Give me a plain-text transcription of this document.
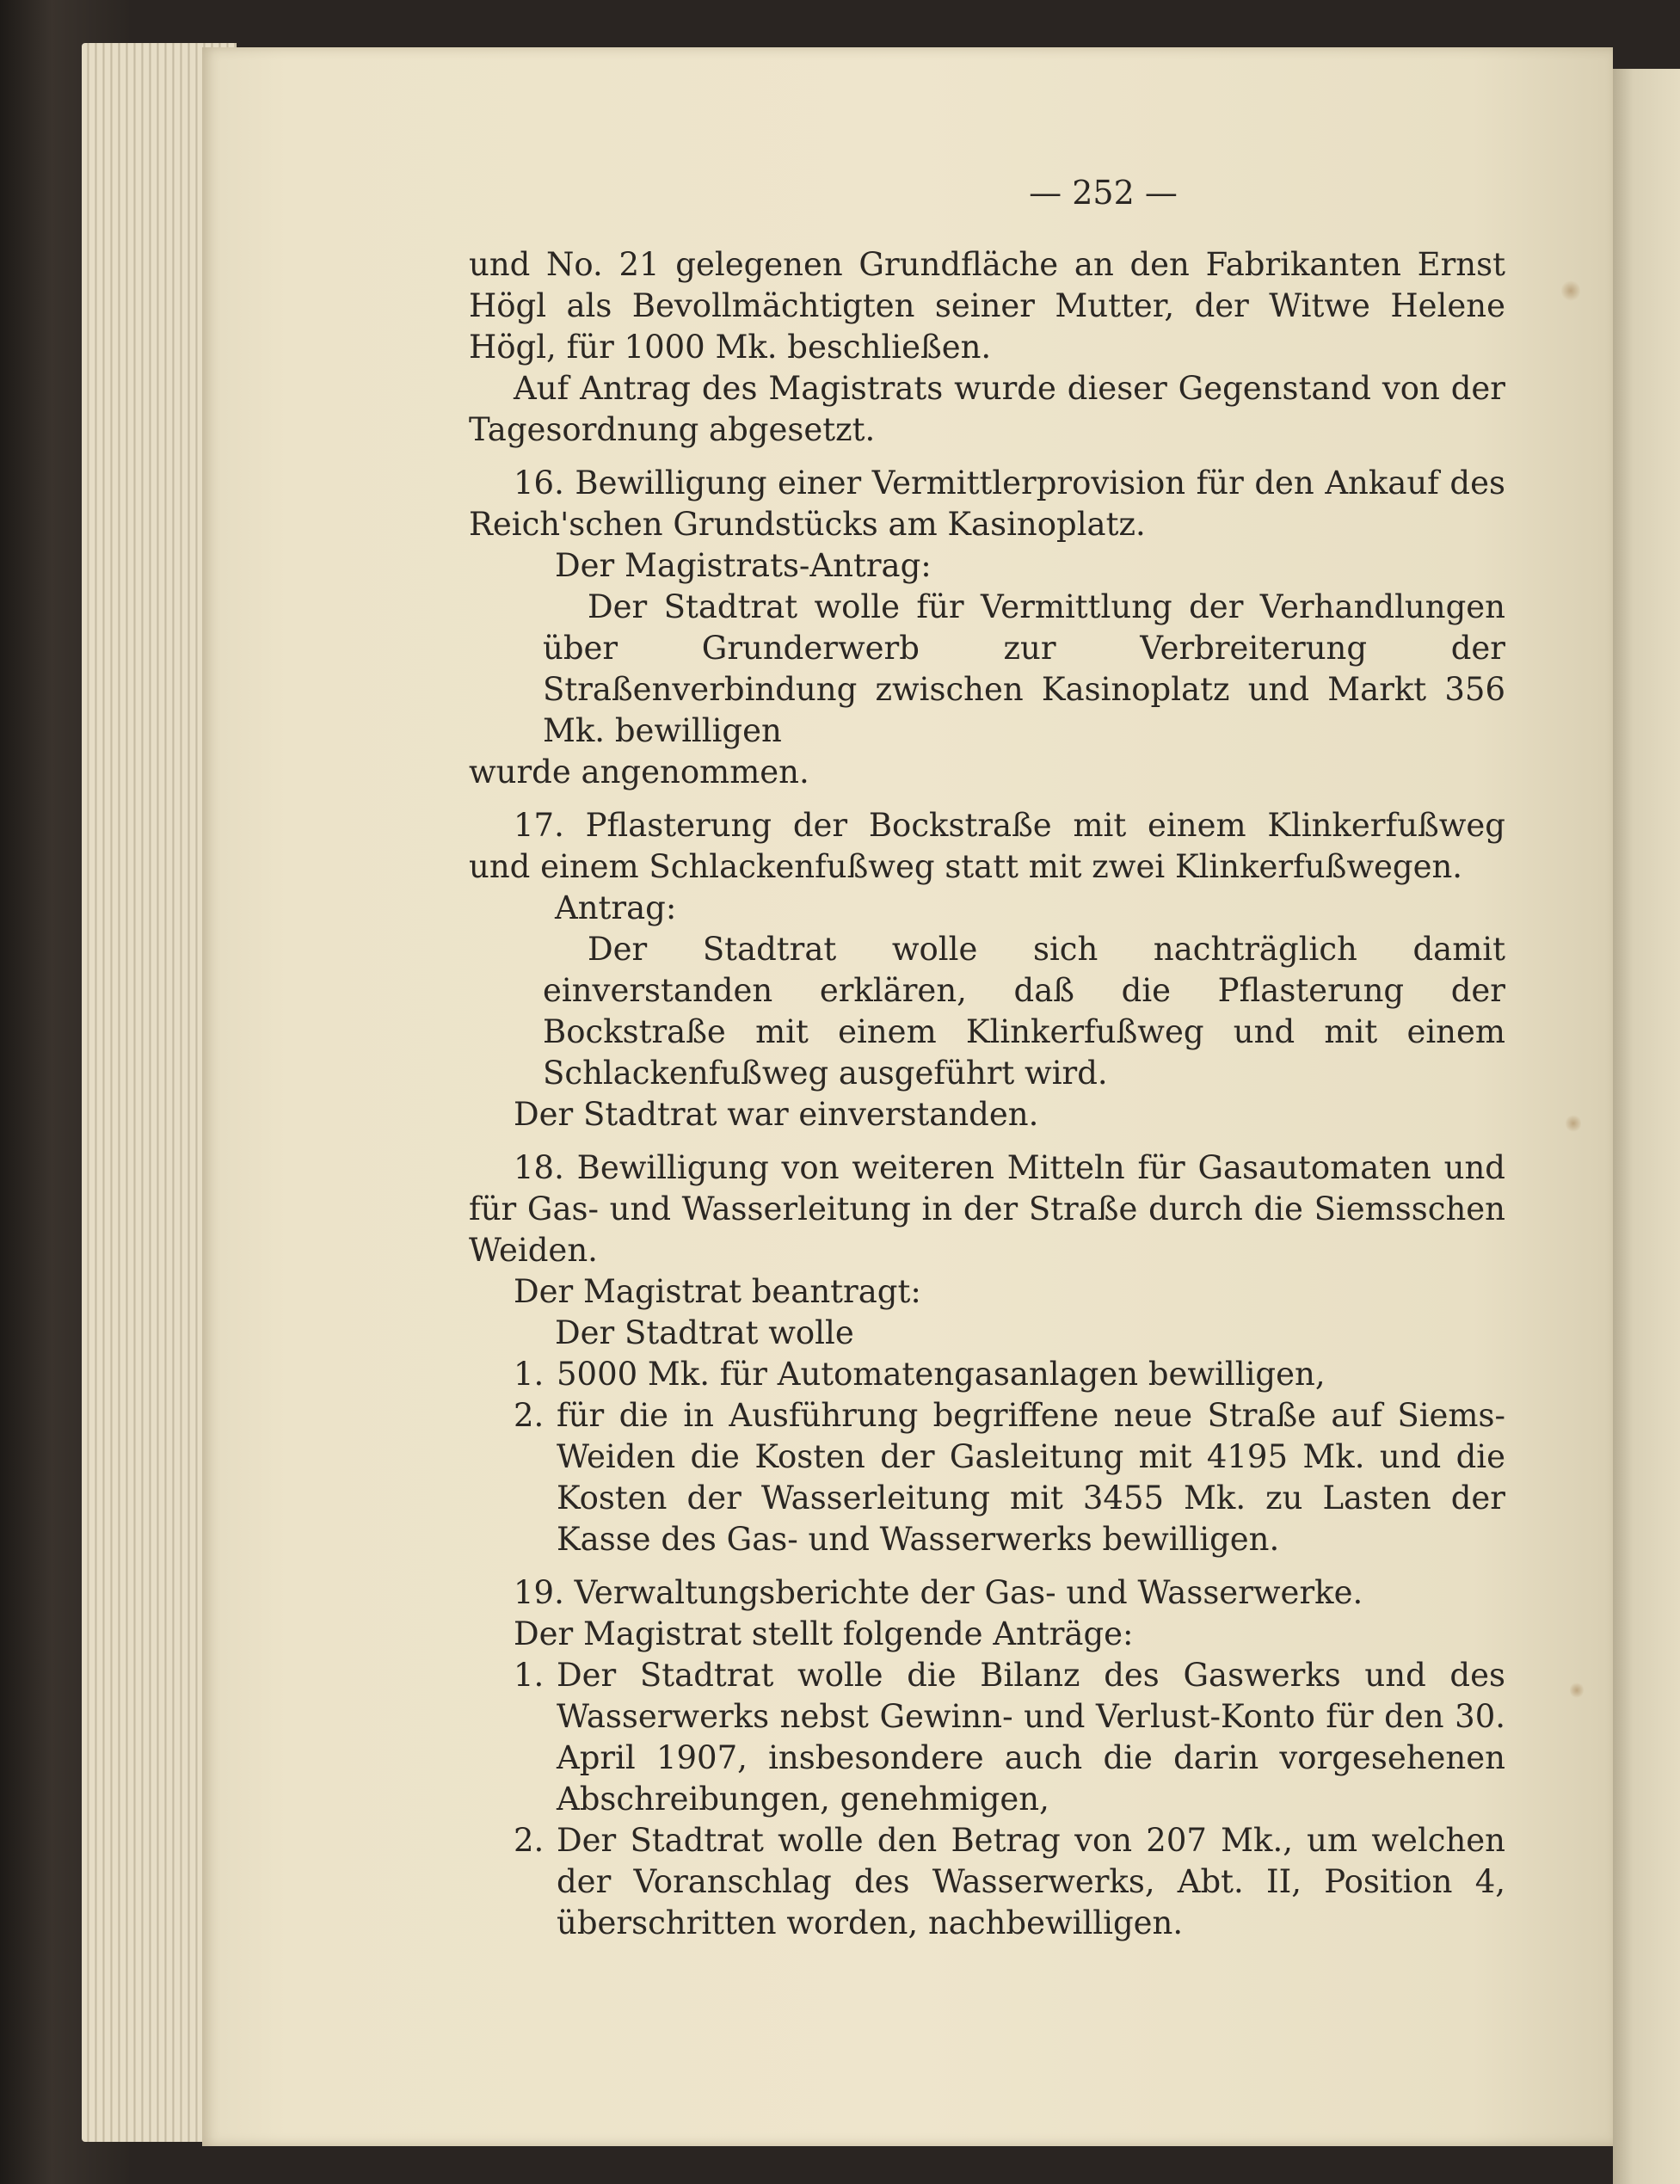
— 252 —

und No. 21 gelegenen Grundfläche an den Fabrikanten Ernst Högl als Bevollmächtigten seiner Mutter, der Witwe Helene Högl, für 1000 Mk. beschließen.

Auf Antrag des Magistrats wurde dieser Gegenstand von der Tagesordnung abgesetzt.

16. Bewilligung einer Vermittlerprovision für den Ankauf des Reich'schen Grundstücks am Kasinoplatz.

Der Magistrats-Antrag:

Der Stadtrat wolle für Vermittlung der Verhandlungen über Grunderwerb zur Verbreiterung der Straßenverbindung zwischen Kasinoplatz und Markt 356 Mk. bewilligen

wurde angenommen.

17. Pflasterung der Bockstraße mit einem Klinkerfußweg und einem Schlackenfußweg statt mit zwei Klinkerfußwegen.

Antrag:

Der Stadtrat wolle sich nachträglich damit einverstanden erklären, daß die Pflasterung der Bockstraße mit einem Klinkerfußweg und mit einem Schlackenfußweg ausgeführt wird.

Der Stadtrat war einverstanden.

18. Bewilligung von weiteren Mitteln für Gasautomaten und für Gas- und Wasserleitung in der Straße durch die Siemsschen Weiden.

Der Magistrat beantragt:

Der Stadtrat wolle

1. 5000 Mk. für Automatengasanlagen bewilligen,
2. für die in Ausführung begriffene neue Straße auf Siems-Weiden die Kosten der Gasleitung mit 4195 Mk. und die Kosten der Wasserleitung mit 3455 Mk. zu Lasten der Kasse des Gas- und Wasserwerks bewilligen.

19. Verwaltungsberichte der Gas- und Wasserwerke.

Der Magistrat stellt folgende Anträge:

1. Der Stadtrat wolle die Bilanz des Gaswerks und des Wasserwerks nebst Gewinn- und Verlust-Konto für den 30. April 1907, insbesondere auch die darin vorgesehenen Abschreibungen, genehmigen,
2. Der Stadtrat wolle den Betrag von 207 Mk., um welchen der Voranschlag des Wasserwerks, Abt. II, Position 4, überschritten worden, nachbewilligen.
